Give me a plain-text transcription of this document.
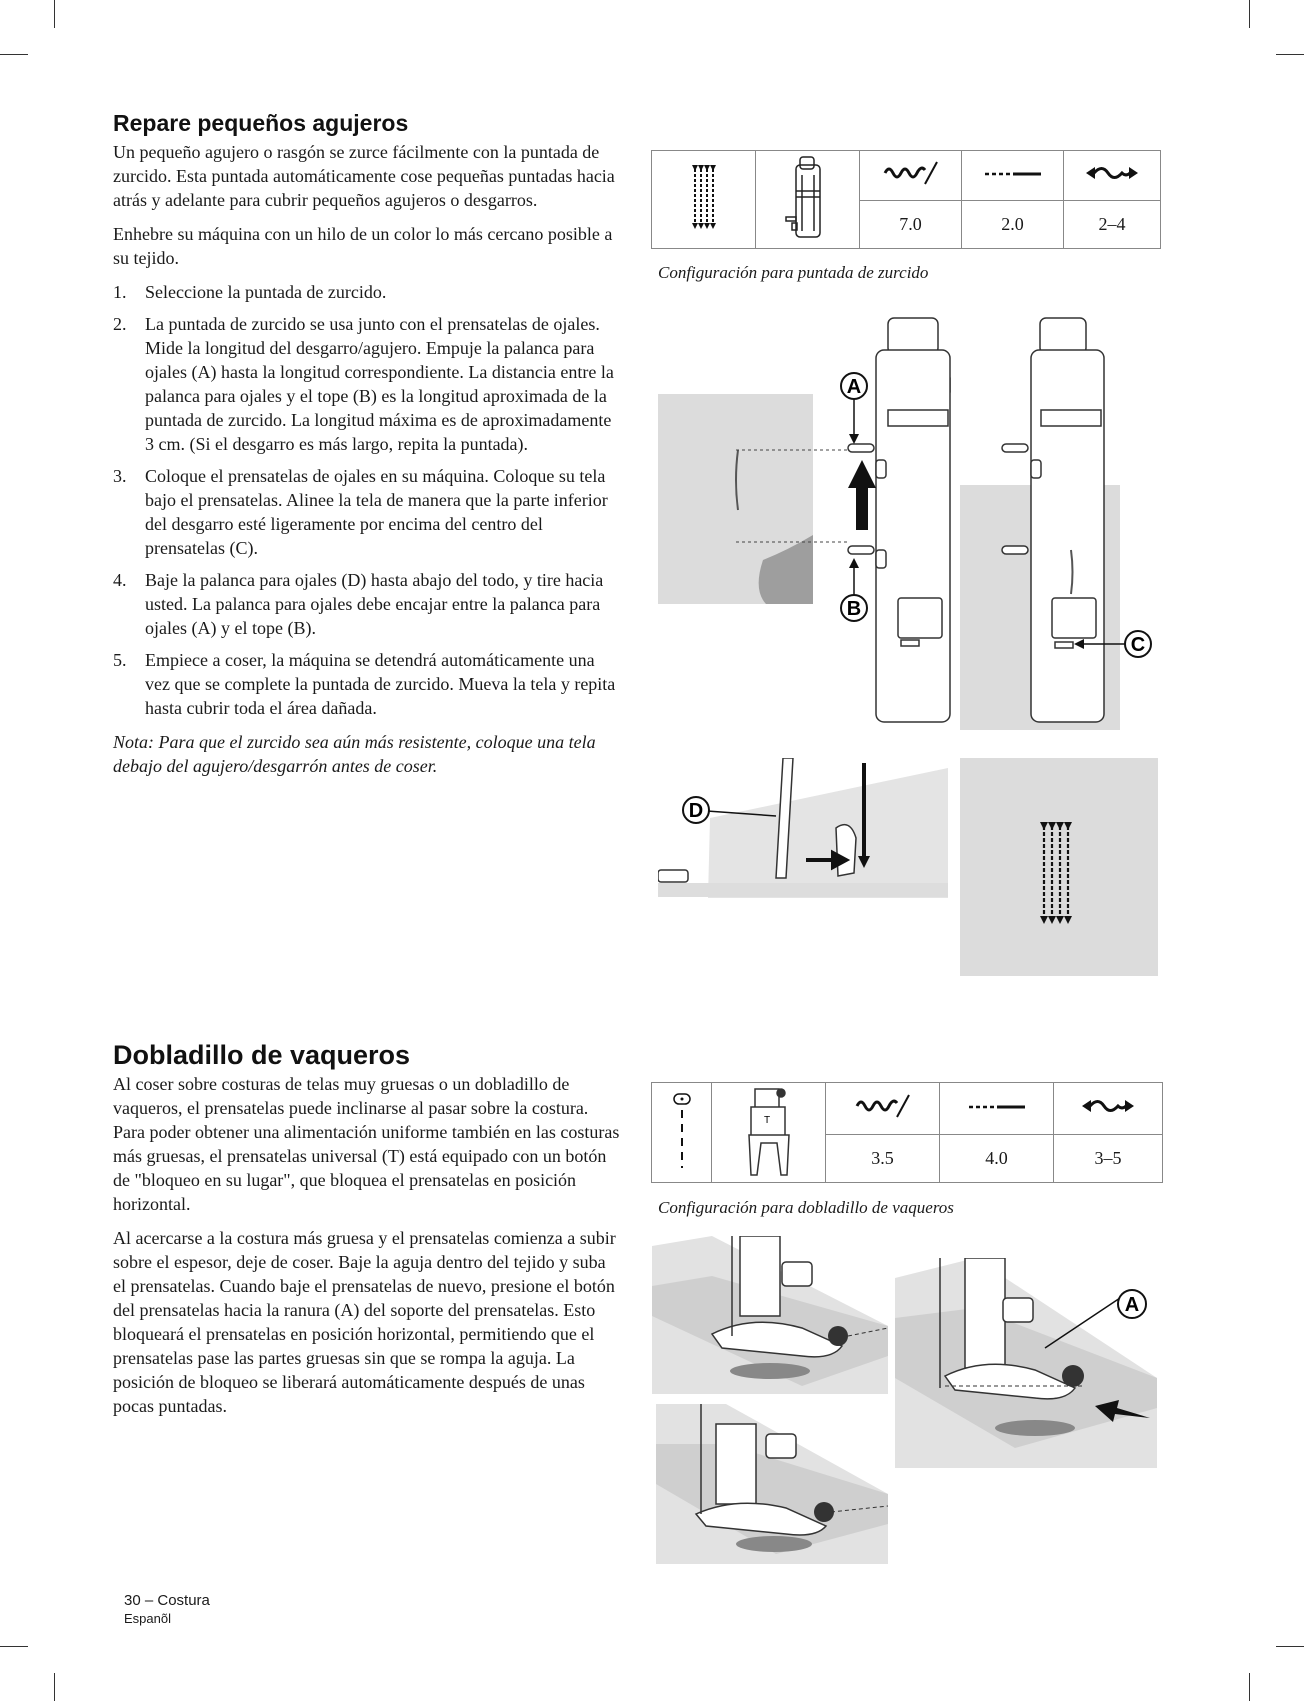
Repare pequeños agujeros

Un pequeño agujero o rasgón se zurce fácilmente con la puntada de zurcido. Esta puntada automáticamente cose pequeñas puntadas hacia atrás y adelante para cubrir pequeños agujeros o desgarros.

Enhebre su máquina con un hilo de un color lo más cercano posible a su tejido.

1. Seleccione la puntada de zurcido.
2. La puntada de zurcido se usa junto con el prensatelas de ojales. Mide la longitud del desgarro/agujero. Empuje la palanca para ojales (A) hasta la longitud correspondiente. La distancia entre la palanca para ojales y el tope (B) es la longitud aproximada de la puntada de zurcido. La longitud máxima es de aproximadamente 3 cm. (Si el desgarro es más largo, repita la puntada).
3. Coloque el prensatelas de ojales en su máquina. Coloque su tela bajo el prensatelas. Alinee la tela de manera que la parte inferior del desgarro esté ligeramente por encima del centro del prensatelas (C).
4. Baje la palanca para ojales (D) hasta abajo del todo, y tire hacia usted. La palanca para ojales debe encajar entre la palanca para ojales (A) y el tope (B).
5. Empiece a coser, la máquina se detendrá automáticamente una vez que se complete la puntada de zurcido. Mueva la tela y repita hasta cubrir toda el área dañada.

Nota: Para que el zurcido sea aún más resistente, coloque una tela debajo del agujero/desgarrón antes de coser.

		7.0	2.0	2–4
Configuración para puntada de zurcido
A
B
C
D
Dobladillo de vaqueros

Al coser sobre costuras de telas muy gruesas o un dobladillo de vaqueros, el prensatelas puede inclinarse al pasar sobre la costura. Para poder obtener una alimentación uniforme también en las costuras más gruesas, el prensatelas universal (T) está equipado con un botón de "bloqueo en su lugar", que bloquea el prensatelas en posición horizontal.

Al acercarse a la costura más gruesa y el prensatelas comienza a subir sobre el espesor, deje de coser. Baje la aguja dentro del tejido y suba el prensatelas. Cuando baje el prensatelas de nuevo, presione el botón del prensatelas hacia la ranura (A) del soporte del prensatelas. Esto bloqueará el prensatelas en posición horizontal, permitiendo que el prensatelas pase las partes gruesas sin que se rompa la aguja. La posición de bloqueo se liberará automáticamente después de unas pocas puntadas.

T

		3.5	4.0	3–5
Configuración para dobladillo de vaqueros
A
30 – Costura
Espanõl
